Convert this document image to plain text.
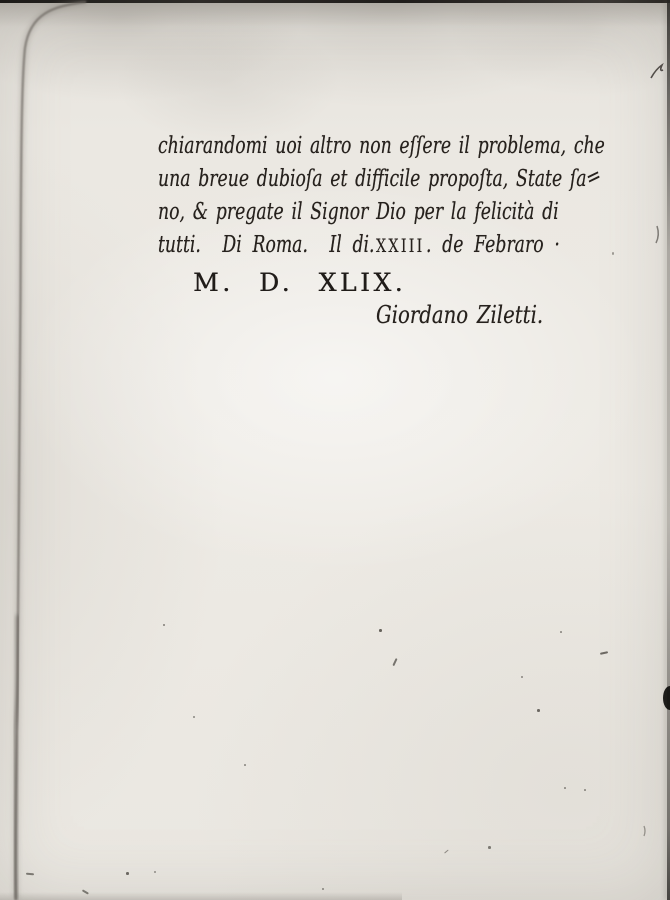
chiarandomi uoi altro non eſſere il problema, che
una breue dubioſa et difficile propoſta, State ſa=
no, & pregate il Signor Dio per la felicità di
tutti.  Di Roma.  Il di.XXIII. de Febraro ·
M. D. XLIX.
Giordano Ziletti.
